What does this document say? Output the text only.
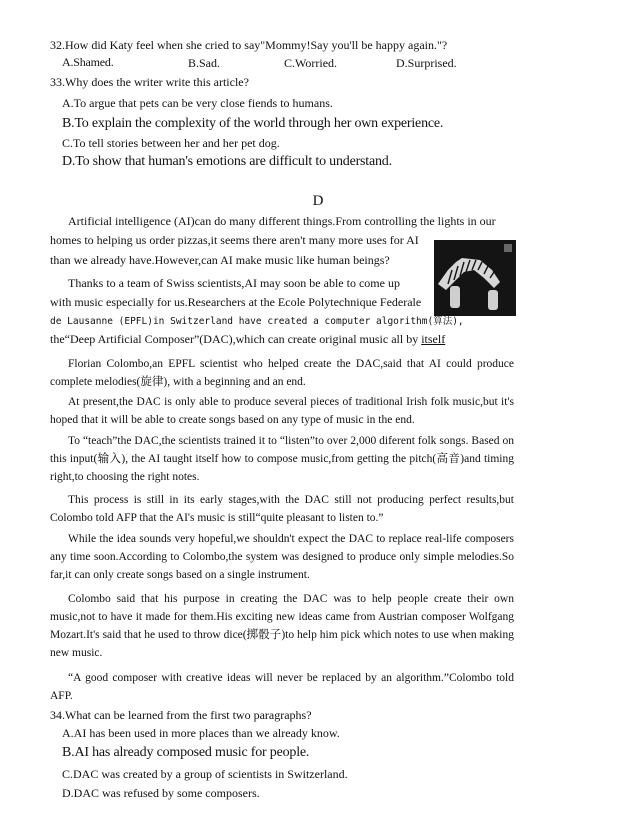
32.How did Katy feel when she cried to say"Mommy!Say you'll be happy again."?
A.Shamed.	B.Sad.	C.Worried.	D.Surprised.
33.Why does the writer write this article?
A.To argue that pets can be very close fiends to humans.
B.To explain the complexity of the world through her own experience.
C.To tell stories between her and her pet dog.
D.To show that human's emotions are difficult to understand.
D
Artificial intelligence (AI)can do many different things.From controlling the lights in our
homes to helping us order pizzas,it seems there aren't many more uses for AI
than we already have.However,can AI make music like human beings?
Thanks to a team of Swiss scientists,AI may soon be able to come up
with music especially for us.Researchers at the Ecole Polytechnique Federale
de Lausanne (EPFL)in Switzerland have created a computer algorithm(算法),
the“Deep Artificial Composer”(DAC),which can create original music all by itself
Florian Colombo,an EPFL scientist who helped create the DAC,said that AI could produce complete melodies(旋律), with a beginning and an end.
At present,the DAC is only able to produce several pieces of traditional Irish folk music,but it's hoped that it will be able to create songs based on any type of music in the end.
To “teach”the DAC,the scientists trained it to “listen”to over 2,000 diferent folk songs. Based on this input(输入), the AI taught itself how to compose music,from getting the pitch(高音)and timing right,to choosing the right notes.
This process is still in its early stages,with the DAC still not producing perfect results,but Colombo told AFP that the AI's music is still“quite pleasant to listen to.”
While the idea sounds very hopeful,we shouldn't expect the DAC to replace real-life composers any time soon.According to Colombo,the system was designed to produce only simple melodies.So far,it can only create songs based on a single instrument.
Colombo said that his purpose in creating the DAC was to help people create their own music,not to have it made for them.His exciting new ideas came from Austrian composer Wolfgang Mozart.It's said that he used to throw dice(掷骰子)to help him pick which notes to use when making new music.
“A good composer with creative ideas will never be replaced by an algorithm.”Colombo told AFP.
34.What can be learned from the first two paragraphs?
A.AI has been used in more places than we already know.
B.AI has already composed music for people.
C.DAC was created by a group of scientists in Switzerland.
D.DAC was refused by some composers.
